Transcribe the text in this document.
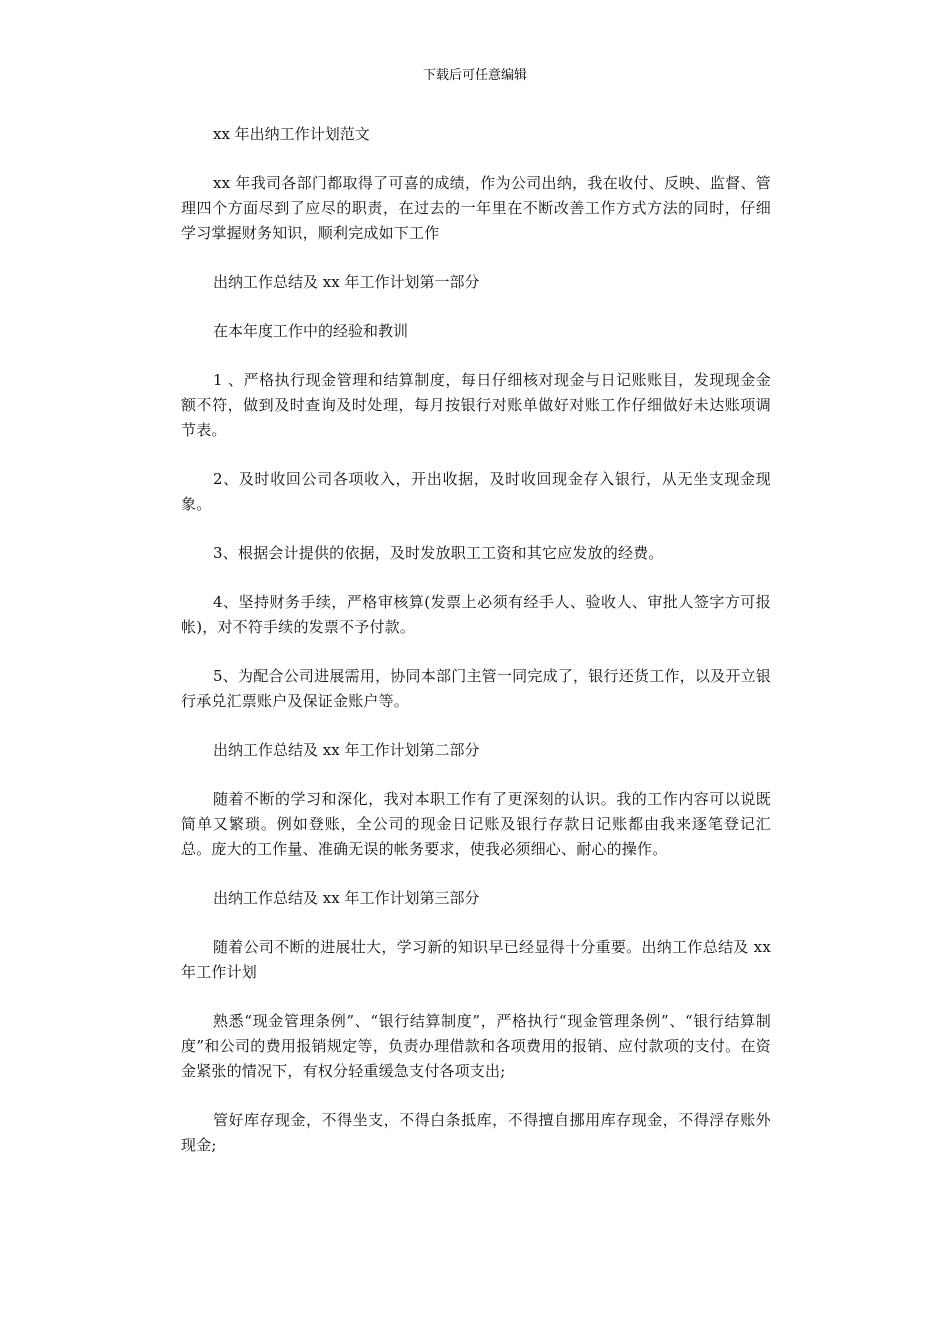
下载后可任意编辑

xx 年出纳工作计划范文

xx 年我司各部门都取得了可喜的成绩，作为公司出纳，我在收付、反映、监督、管理四个方面尽到了应尽的职责，在过去的一年里在不断改善工作方式方法的同时，仔细学习掌握财务知识，顺利完成如下工作

出纳工作总结及 xx 年工作计划第一部分

在本年度工作中的经验和教训

1 、严格执行现金管理和结算制度，每日仔细核对现金与日记账账目，发现现金金额不符，做到及时查询及时处理，每月按银行对账单做好对账工作仔细做好未达账项调节表。

2、及时收回公司各项收入，开出收据，及时收回现金存入银行，从无坐支现金现象。

3、根据会计提供的依据，及时发放职工工资和其它应发放的经费。

4、坚持财务手续，严格审核算(发票上必须有经手人、验收人、审批人签字方可报帐)，对不符手续的发票不予付款。

5、为配合公司进展需用，协同本部门主管一同完成了，银行还货工作，以及开立银行承兑汇票账户及保证金账户等。

出纳工作总结及 xx 年工作计划第二部分

随着不断的学习和深化，我对本职工作有了更深刻的认识。我的工作内容可以说既简单又繁琐。例如登账，全公司的现金日记账及银行存款日记账都由我来逐笔登记汇总。庞大的工作量、准确无误的帐务要求，使我必须细心、耐心的操作。

出纳工作总结及 xx 年工作计划第三部分

随着公司不断的进展壮大，学习新的知识早已经显得十分重要。出纳工作总结及 xx 年工作计划

熟悉“现金管理条例”、“银行结算制度”，严格执行“现金管理条例”、“银行结算制度”和公司的费用报销规定等，负责办理借款和各项费用的报销、应付款项的支付。在资金紧张的情况下，有权分轻重缓急支付各项支出;

管好库存现金，不得坐支，不得白条抵库，不得擅自挪用库存现金，不得浮存账外现金;
